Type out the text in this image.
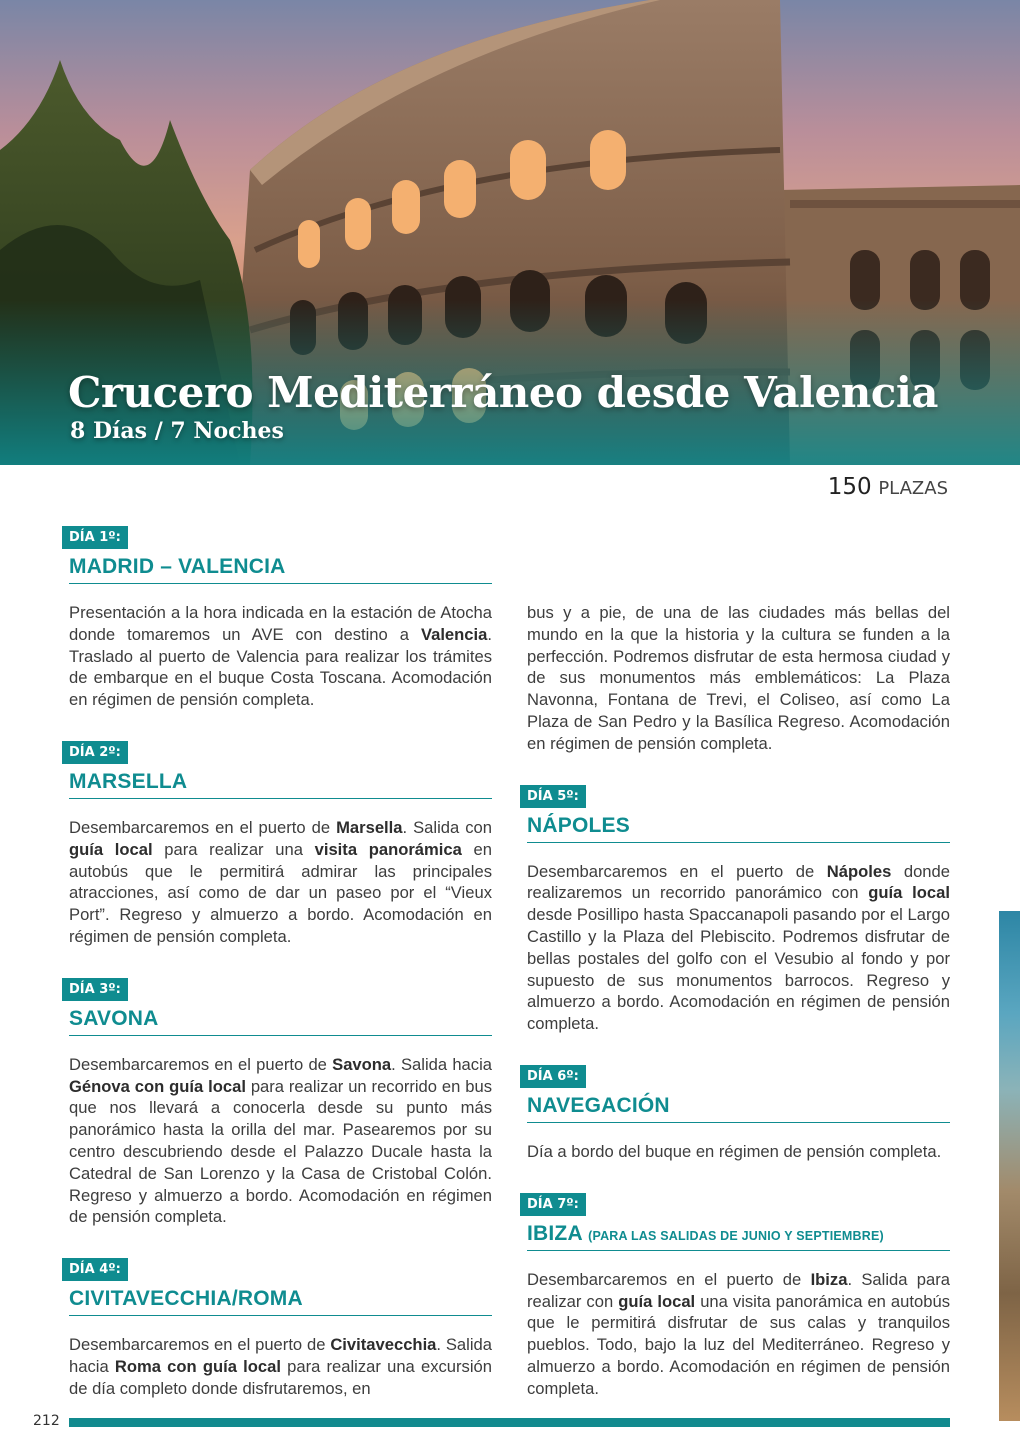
Crucero Mediterráneo desde Valencia
8 Días / 7 Noches
150 PLAZAS
DÍA 1º:
MADRID – VALENCIA

Presentación a la hora indicada en la estación de Atocha donde tomaremos un AVE con destino a Valencia. Traslado al puerto de Valencia para realizar los trámites de embarque en el buque Costa Toscana. Acomodación en régimen de pensión completa.

DÍA 2º:
MARSELLA

Desembarcaremos en el puerto de Marsella. Salida con guía local para realizar una visita panorámica en autobús que le permitirá admirar las principales atracciones, así como de dar un paseo por el “Vieux Port”. Regreso y almuerzo a bordo. Acomodación en régimen de pensión completa.

DÍA 3º:
SAVONA

Desembarcaremos en el puerto de Savona. Salida hacia Génova con guía local para realizar un recorrido en bus que nos llevará a conocerla desde su punto más panorámico hasta la orilla del mar. Pasearemos por su centro descubriendo desde el Palazzo Ducale hasta la Catedral de San Lorenzo y la Casa de Cristobal Colón. Regreso y almuerzo a bordo. Acomodación en régimen de pensión completa.

DÍA 4º:
CIVITAVECCHIA/ROMA

Desembarcaremos en el puerto de Civitavecchia. Salida hacia Roma con guía local para realizar una excursión de día completo donde disfrutaremos, en

bus y a pie, de una de las ciudades más bellas del mundo en la que la historia y la cultura se funden a la perfección. Podremos disfrutar de esta hermosa ciudad y de sus monumentos más emblemáticos: La Plaza Navonna, Fontana de Trevi, el Coliseo, así como La Plaza de San Pedro y la Basílica Regreso. Acomodación en régimen de pensión completa.

DÍA 5º:
NÁPOLES

Desembarcaremos en el puerto de Nápoles donde realizaremos un recorrido panorámico con guía local desde Posillipo hasta Spaccanapoli pasando por el Largo Castillo y la Plaza del Plebiscito. Podremos disfrutar de bellas postales del golfo con el Vesubio al fondo y por supuesto de sus monumentos barrocos. Regreso y almuerzo a bordo. Acomodación en régimen de pensión completa.

DÍA 6º:
NAVEGACIÓN

Día a bordo del buque en régimen de pensión completa.

DÍA 7º:
IBIZA (PARA LAS SALIDAS DE JUNIO Y SEPTIEMBRE)

Desembarcaremos en el puerto de Ibiza. Salida para realizar con guía local una visita panorámica en autobús que le permitirá disfrutar de sus calas y tranquilos pueblos. Todo, bajo la luz del Mediterráneo. Regreso y almuerzo a bordo. Acomodación en régimen de pensión completa.

212
